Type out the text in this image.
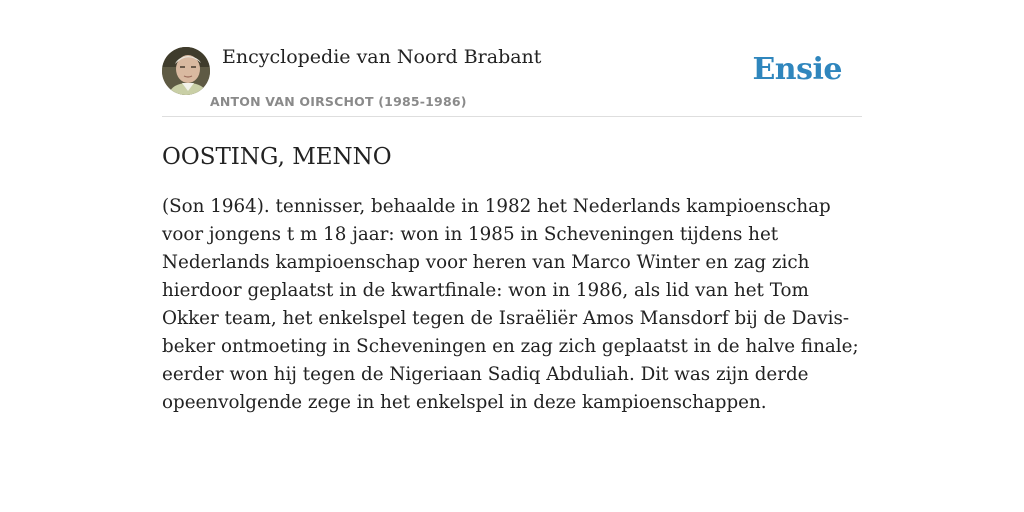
Encyclopedie van Noord Brabant
ANTON VAN OIRSCHOT (1985-1986)
Ensie
OOSTING, MENNO

(Son 1964). tennisser, behaalde in 1982 het Nederlands kampioenschap voor jongens t m 18 jaar: won in 1985 in Scheveningen tijdens het Nederlands kampioenschap voor heren van Marco Winter en zag zich hierdoor geplaatst in de kwartfinale: won in 1986, als lid van het Tom Okker team, het enkelspel tegen de Israëliër Amos Mansdorf bij de Davis-beker ontmoeting in Scheveningen en zag zich geplaatst in de halve finale; eerder won hij tegen de Nigeriaan Sadiq Abduliah. Dit was zijn derde opeenvolgende zege in het enkelspel in deze kampioenschappen.
